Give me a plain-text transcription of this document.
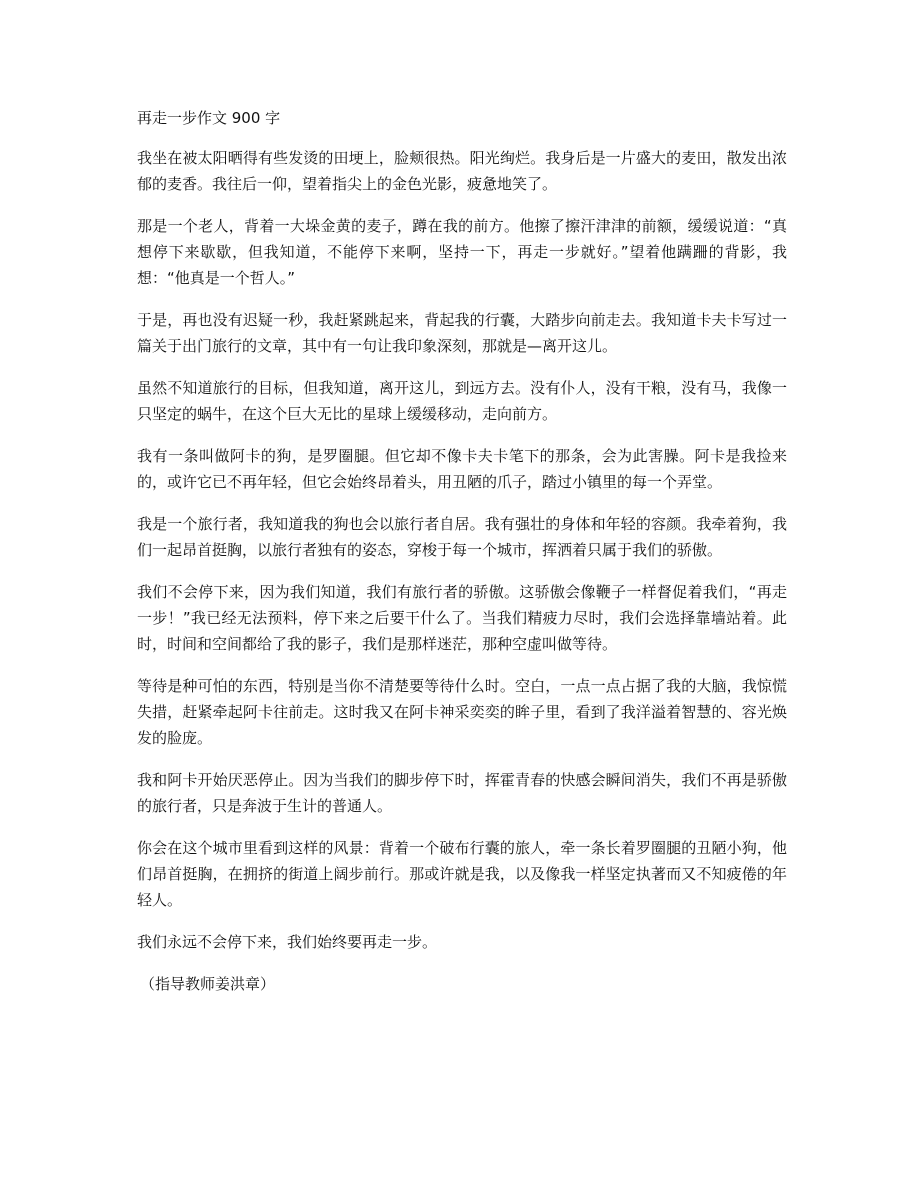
再走一步作文 900 字

我坐在被太阳晒得有些发烫的田埂上，脸颊很热。阳光绚烂。我身后是一片盛大的麦田，散发出浓郁的麦香。我往后一仰，望着指尖上的金色光影，疲惫地笑了。

那是一个老人，背着一大垛金黄的麦子，蹲在我的前方。他擦了擦汗津津的前额，缓缓说道：“真想停下来歇歇，但我知道，不能停下来啊，坚持一下，再走一步就好。”望着他蹒跚的背影，我想：“他真是一个哲人。”

于是，再也没有迟疑一秒，我赶紧跳起来，背起我的行囊，大踏步向前走去。我知道卡夫卡写过一篇关于出门旅行的文章，其中有一句让我印象深刻，那就是—离开这儿。

虽然不知道旅行的目标，但我知道，离开这儿，到远方去。没有仆人，没有干粮，没有马，我像一只坚定的蜗牛，在这个巨大无比的星球上缓缓移动，走向前方。

我有一条叫做阿卡的狗，是罗圈腿。但它却不像卡夫卡笔下的那条，会为此害臊。阿卡是我捡来的，或许它已不再年轻，但它会始终昂着头，用丑陋的爪子，踏过小镇里的每一个弄堂。

我是一个旅行者，我知道我的狗也会以旅行者自居。我有强壮的身体和年轻的容颜。我牵着狗，我们一起昂首挺胸，以旅行者独有的姿态，穿梭于每一个城市，挥洒着只属于我们的骄傲。

我们不会停下来，因为我们知道，我们有旅行者的骄傲。这骄傲会像鞭子一样督促着我们，“再走一步！”我已经无法预料，停下来之后要干什么了。当我们精疲力尽时，我们会选择靠墙站着。此时，时间和空间都给了我的影子，我们是那样迷茫，那种空虚叫做等待。

等待是种可怕的东西，特别是当你不清楚要等待什么时。空白，一点一点占据了我的大脑，我惊慌失措，赶紧牵起阿卡往前走。这时我又在阿卡神采奕奕的眸子里，看到了我洋溢着智慧的、容光焕发的脸庞。

我和阿卡开始厌恶停止。因为当我们的脚步停下时，挥霍青春的快感会瞬间消失，我们不再是骄傲的旅行者，只是奔波于生计的普通人。

你会在这个城市里看到这样的风景：背着一个破布行囊的旅人，牵一条长着罗圈腿的丑陋小狗，他们昂首挺胸，在拥挤的街道上阔步前行。那或许就是我，以及像我一样坚定执著而又不知疲倦的年轻人。

我们永远不会停下来，我们始终要再走一步。

（指导教师姜洪章）
